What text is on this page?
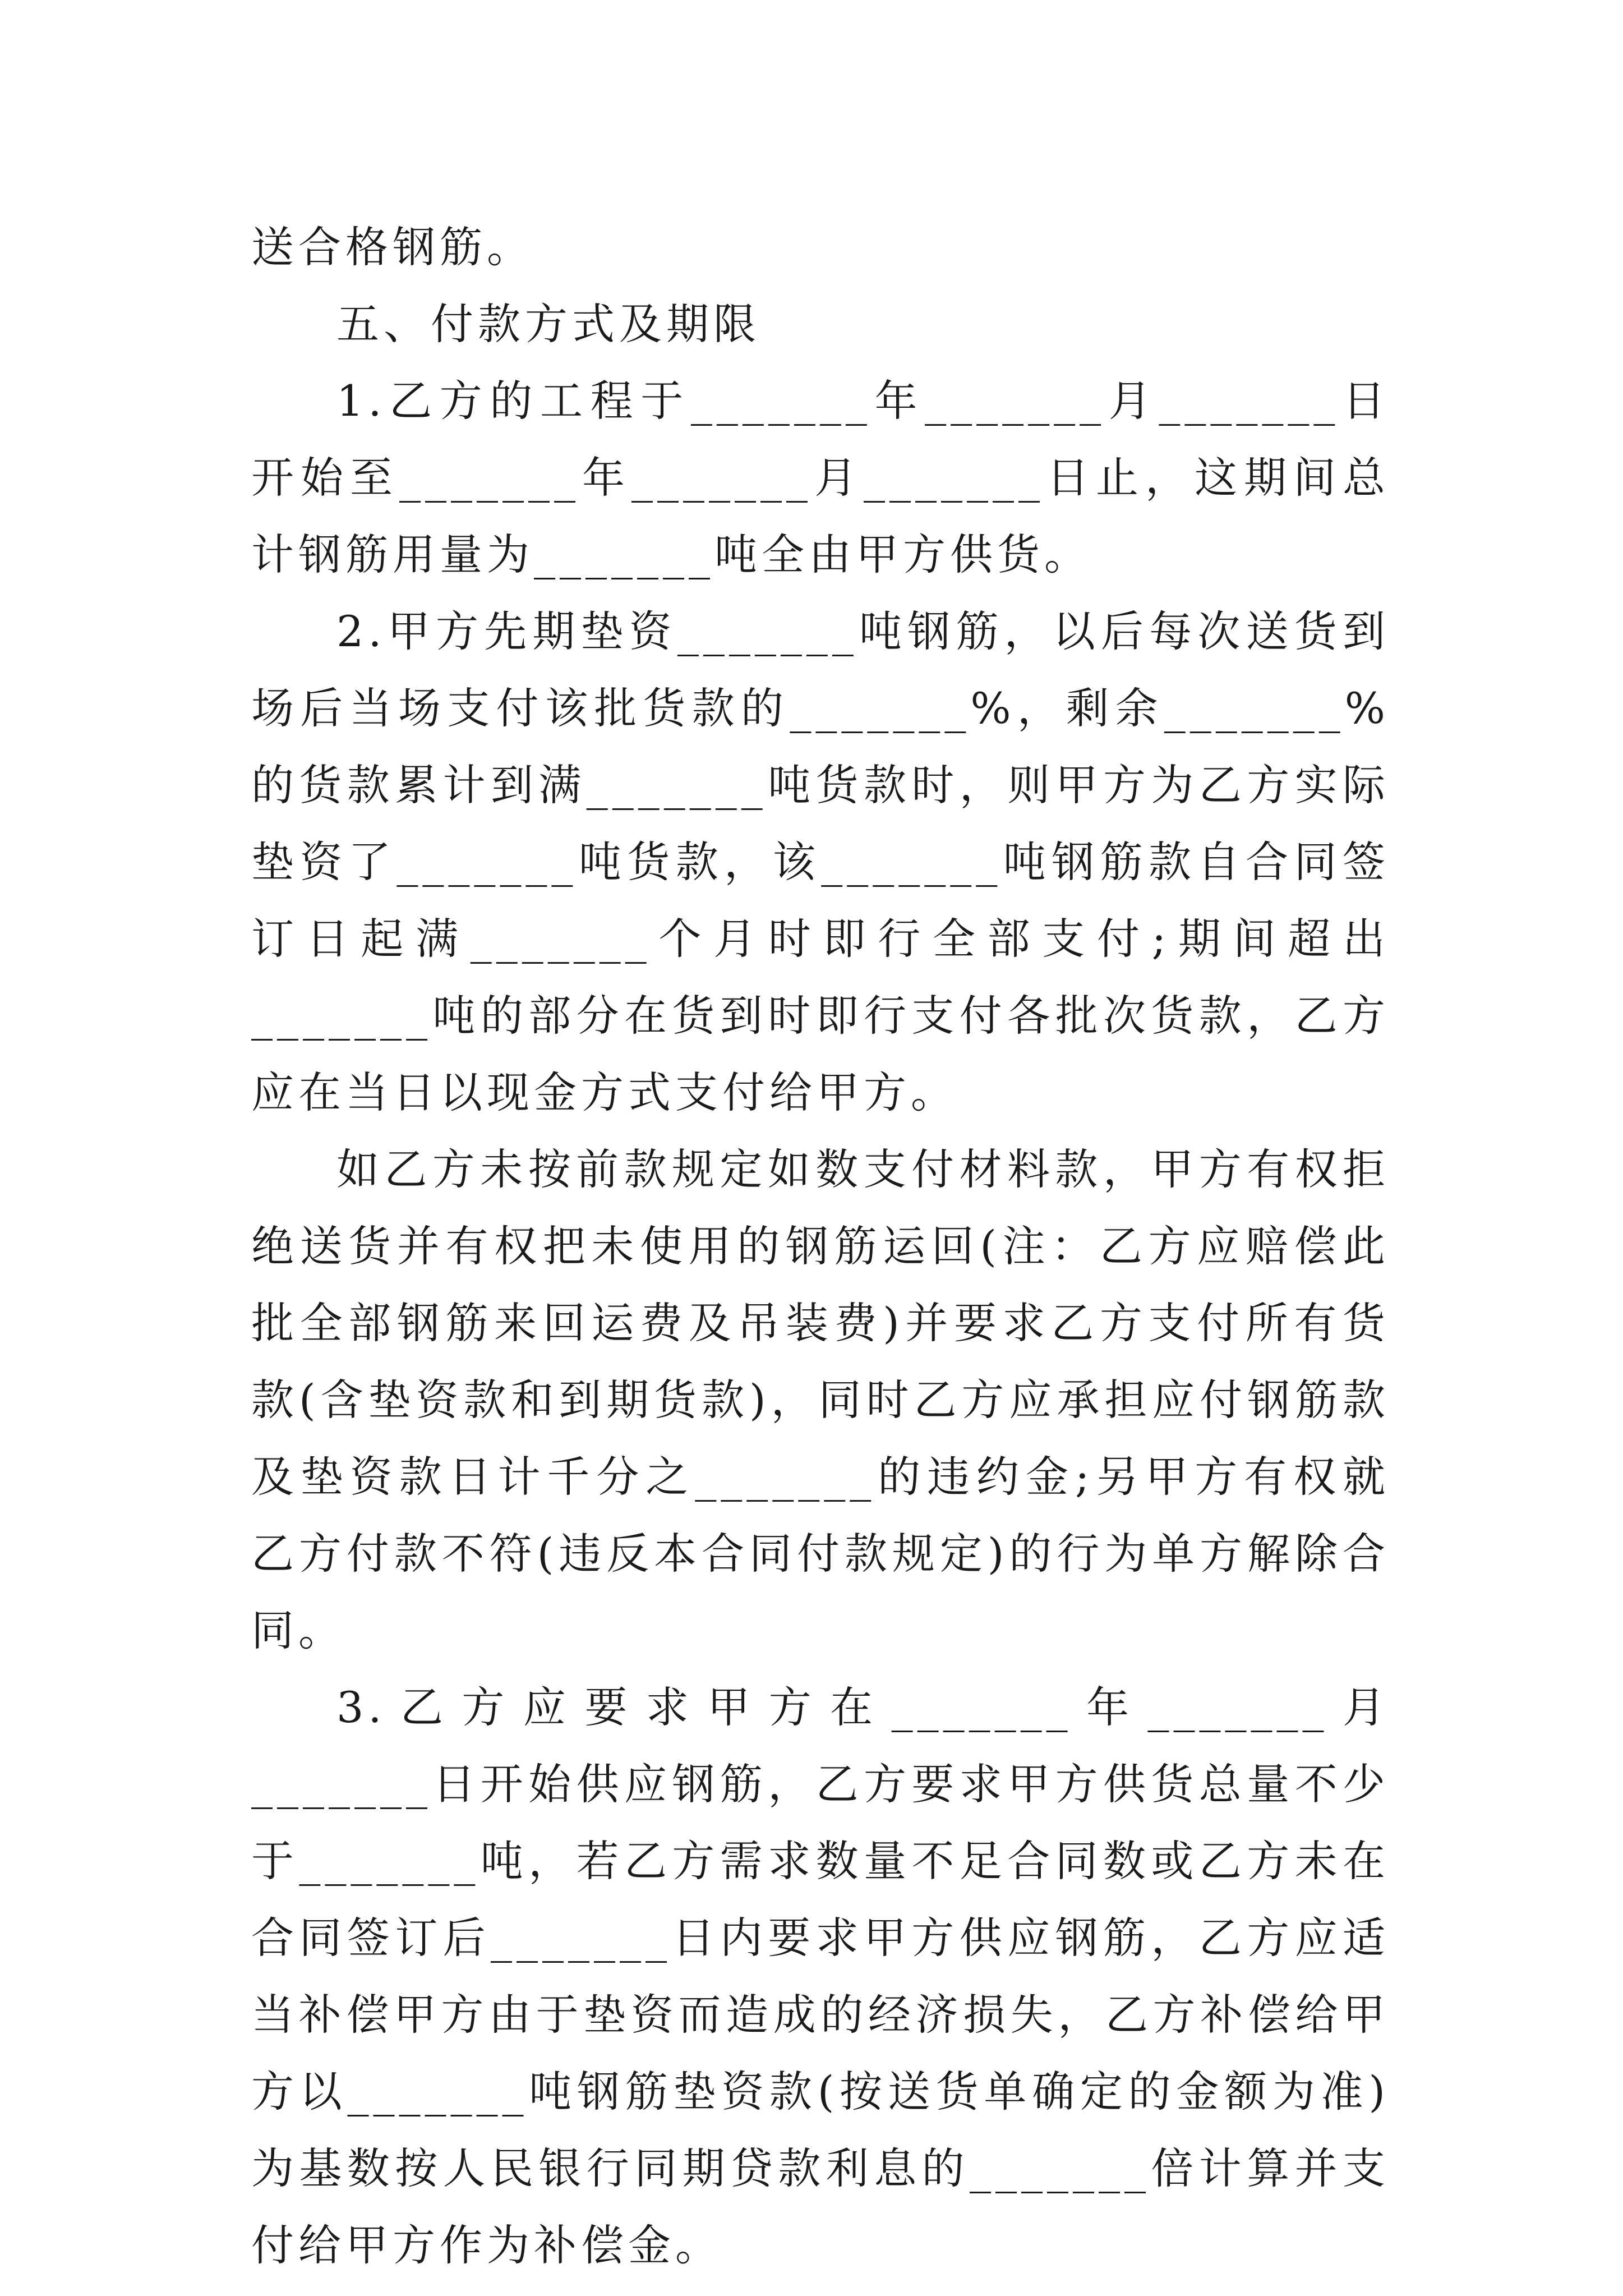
送合格钢筋。

五、付款方式及期限

1.乙方的工程于_______年_______月_______日开始至_______年_______月_______日止，这期间总计钢筋用量为_______吨全由甲方供货。

2.甲方先期垫资_______吨钢筋，以后每次送货到场后当场支付该批货款的_______%，剩余_______%的货款累计到满_______吨货款时，则甲方为乙方实际垫资了_______吨货款，该_______吨钢筋款自合同签订日起满_______个月时即行全部支付;期间超出_______吨的部分在货到时即行支付各批次货款，乙方应在当日以现金方式支付给甲方。

如乙方未按前款规定如数支付材料款，甲方有权拒绝送货并有权把未使用的钢筋运回(注：乙方应赔偿此批全部钢筋来回运费及吊装费)并要求乙方支付所有货款(含垫资款和到期货款)，同时乙方应承担应付钢筋款及垫资款日计千分之_______的违约金;另甲方有权就乙方付款不符(违反本合同付款规定)的行为单方解除合同。

3.乙方应要求甲方在_______年_______月_______日开始供应钢筋，乙方要求甲方供货总量不少于_______吨，若乙方需求数量不足合同数或乙方未在合同签订后_______日内要求甲方供应钢筋，乙方应适当补偿甲方由于垫资而造成的经济损失，乙方补偿给甲方以_______吨钢筋垫资款(按送货单确定的金额为准)为基数按人民银行同期贷款利息的_______倍计算并支付给甲方作为补偿金。
